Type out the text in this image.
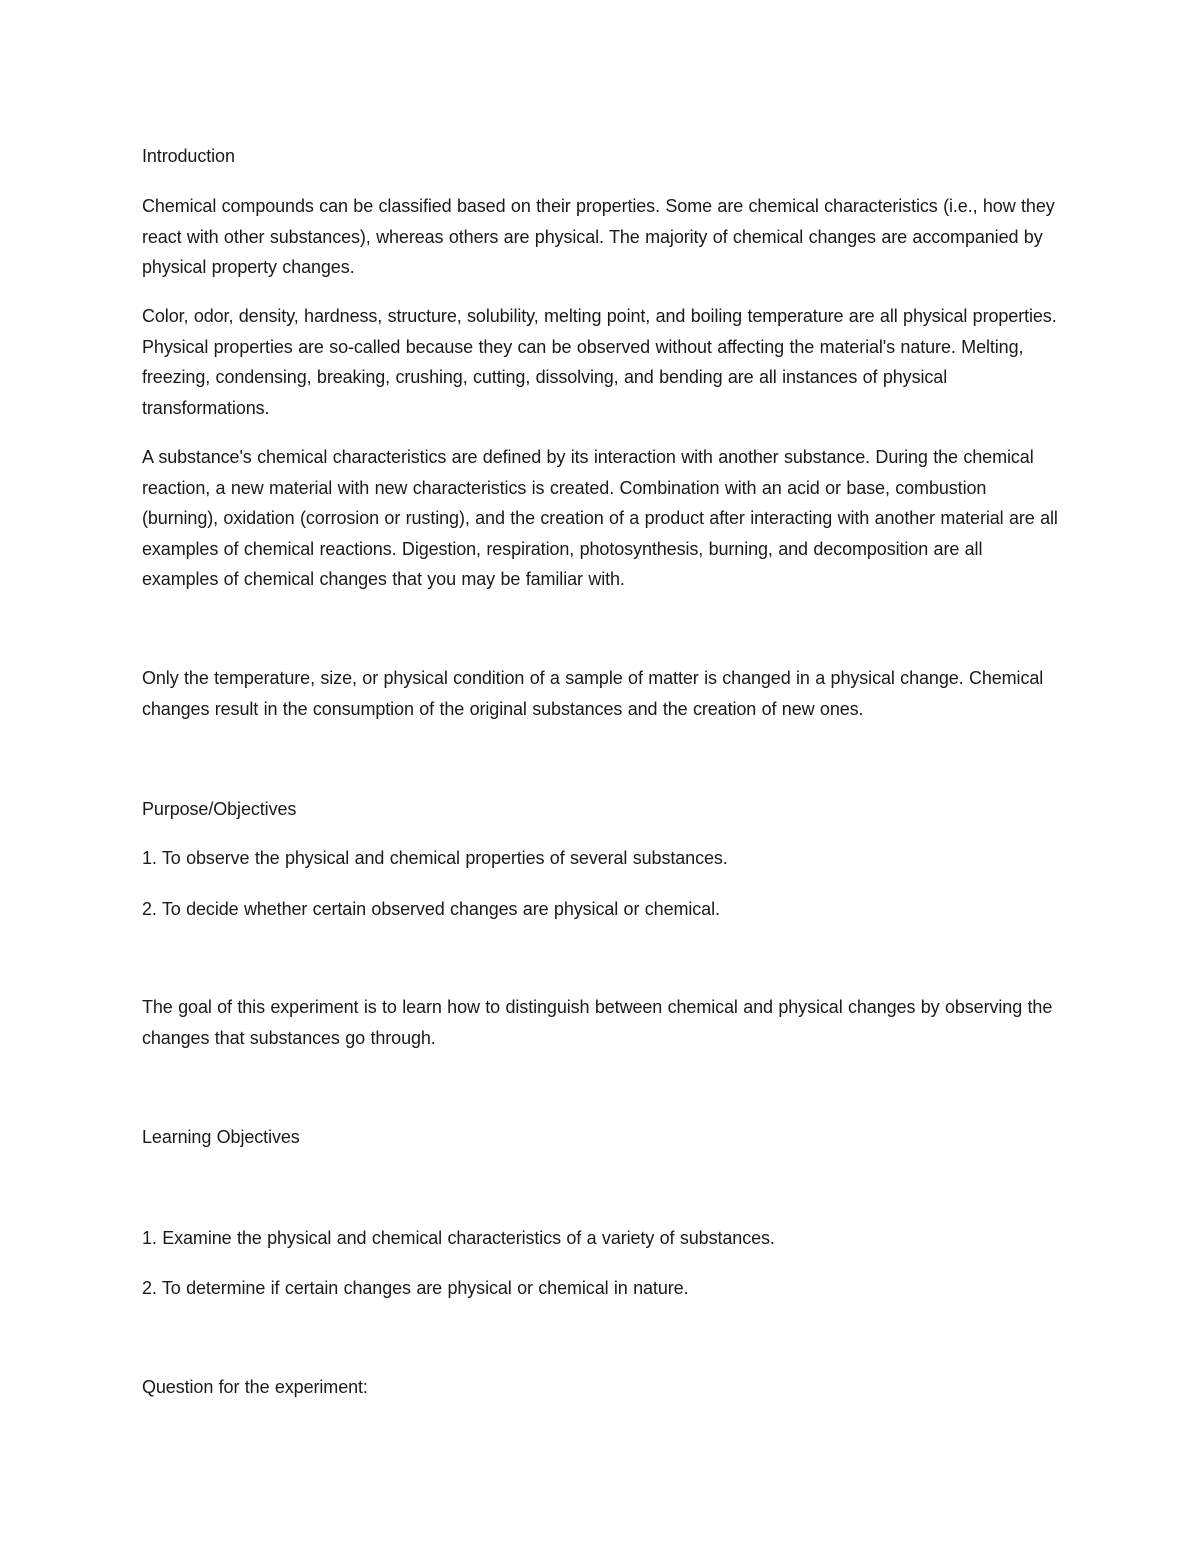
Introduction

Chemical compounds can be classified based on their properties. Some are chemical characteristics (i.e., how they react with other substances), whereas others are physical. The majority of chemical changes are accompanied by physical property changes.

Color, odor, density, hardness, structure, solubility, melting point, and boiling temperature are all physical properties. Physical properties are so-called because they can be observed without affecting the material's nature. Melting, freezing, condensing, breaking, crushing, cutting, dissolving, and bending are all instances of physical transformations.

A substance's chemical characteristics are defined by its interaction with another substance. During the chemical reaction, a new material with new characteristics is created. Combination with an acid or base, combustion (burning), oxidation (corrosion or rusting), and the creation of a product after interacting with another material are all examples of chemical reactions. Digestion, respiration, photosynthesis, burning, and decomposition are all examples of chemical changes that you may be familiar with.

Only the temperature, size, or physical condition of a sample of matter is changed in a physical change. Chemical changes result in the consumption of the original substances and the creation of new ones.

Purpose/Objectives

1. To observe the physical and chemical properties of several substances.

2. To decide whether certain observed changes are physical or chemical.

The goal of this experiment is to learn how to distinguish between chemical and physical changes by observing the changes that substances go through.

Learning Objectives

1. Examine the physical and chemical characteristics of a variety of substances.

2. To determine if certain changes are physical or chemical in nature.

Question for the experiment:
